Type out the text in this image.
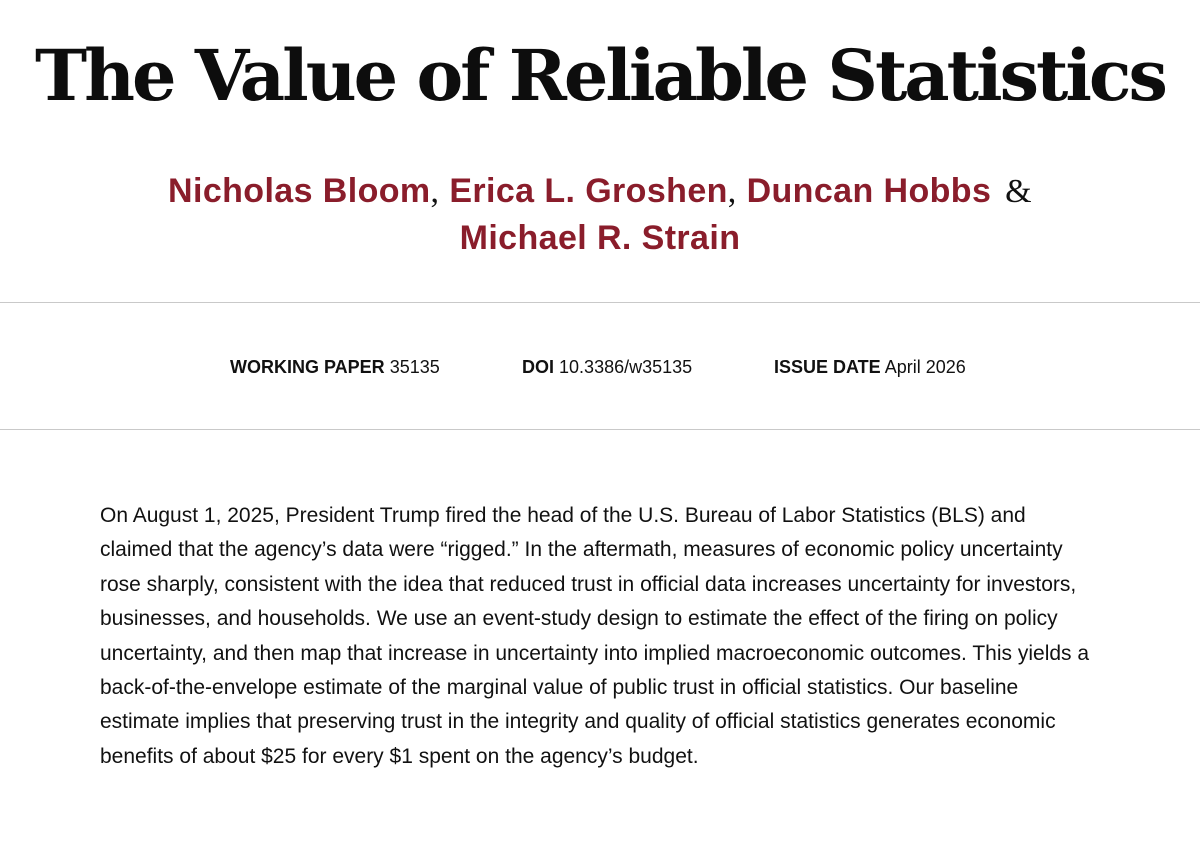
The Value of Reliable Statistics
Nicholas Bloom, Erica L. Groshen, Duncan Hobbs &
Michael R. Strain
WORKING PAPER 35135	DOI 10.3386/w35135	ISSUE DATE April 2026

On August 1, 2025, President Trump fired the head of the U.S. Bureau of Labor Statistics (BLS) and claimed that the agency’s data were “rigged.” In the aftermath, measures of economic policy uncertainty rose sharply, consistent with the idea that reduced trust in official data increases uncertainty for investors, businesses, and households. We use an event-study design to estimate the effect of the firing on policy uncertainty, and then map that increase in uncertainty into implied macroeconomic outcomes. This yields a back-of-the-envelope estimate of the marginal value of public trust in official statistics. Our baseline estimate implies that preserving trust in the integrity and quality of official statistics generates economic benefits of about $25 for every $1 spent on the agency’s budget.
